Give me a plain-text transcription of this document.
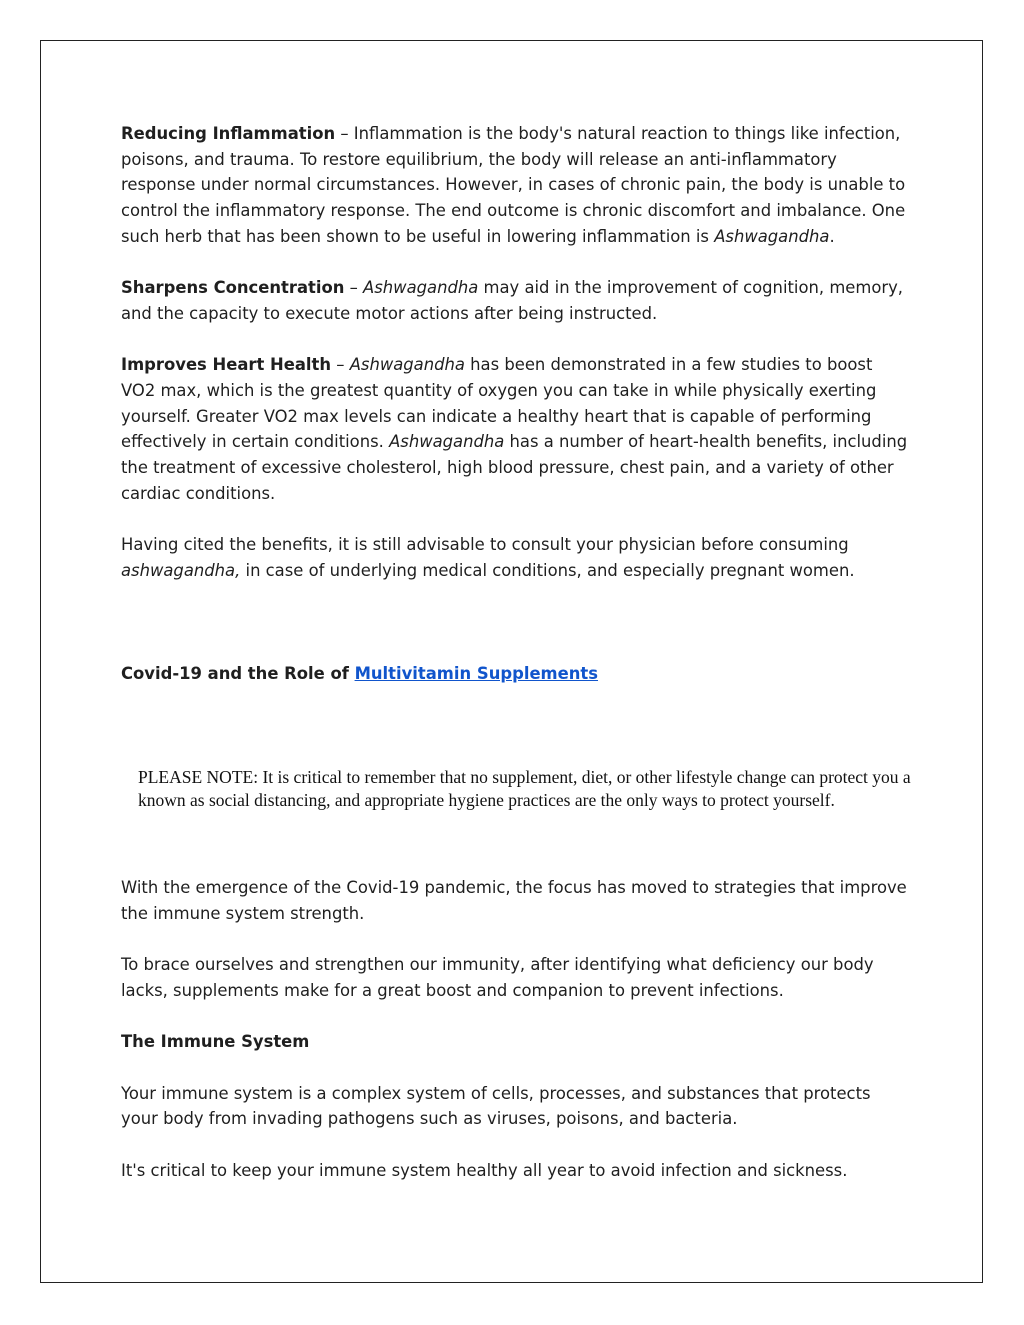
Reducing Inflammation – Inflammation is the body's natural reaction to things like infection, poisons, and trauma. To restore equilibrium, the body will release an anti-inflammatory response under normal circumstances. However, in cases of chronic pain, the body is unable to control the inflammatory response. The end outcome is chronic discomfort and imbalance. One such herb that has been shown to be useful in lowering inflammation is Ashwagandha.

Sharpens Concentration – Ashwagandha may aid in the improvement of cognition, memory, and the capacity to execute motor actions after being instructed.

Improves Heart Health – Ashwagandha has been demonstrated in a few studies to boost VO2 max, which is the greatest quantity of oxygen you can take in while physically exerting yourself. Greater VO2 max levels can indicate a healthy heart that is capable of performing effectively in certain conditions. Ashwagandha has a number of heart-health benefits, including the treatment of excessive cholesterol, high blood pressure, chest pain, and a variety of other cardiac conditions.

Having cited the benefits, it is still advisable to consult your physician before consuming ashwagandha, in case of underlying medical conditions, and especially pregnant women.

Covid-19 and the Role of Multivitamin Supplements

PLEASE NOTE: It is critical to remember that no supplement, diet, or other lifestyle change can protect you a
known as social distancing, and appropriate hygiene practices are the only ways to protect yourself.

With the emergence of the Covid-19 pandemic, the focus has moved to strategies that improve the immune system strength.

To brace ourselves and strengthen our immunity, after identifying what deficiency our body lacks, supplements make for a great boost and companion to prevent infections.

The Immune System

Your immune system is a complex system of cells, processes, and substances that protects your body from invading pathogens such as viruses, poisons, and bacteria.

It's critical to keep your immune system healthy all year to avoid infection and sickness.
